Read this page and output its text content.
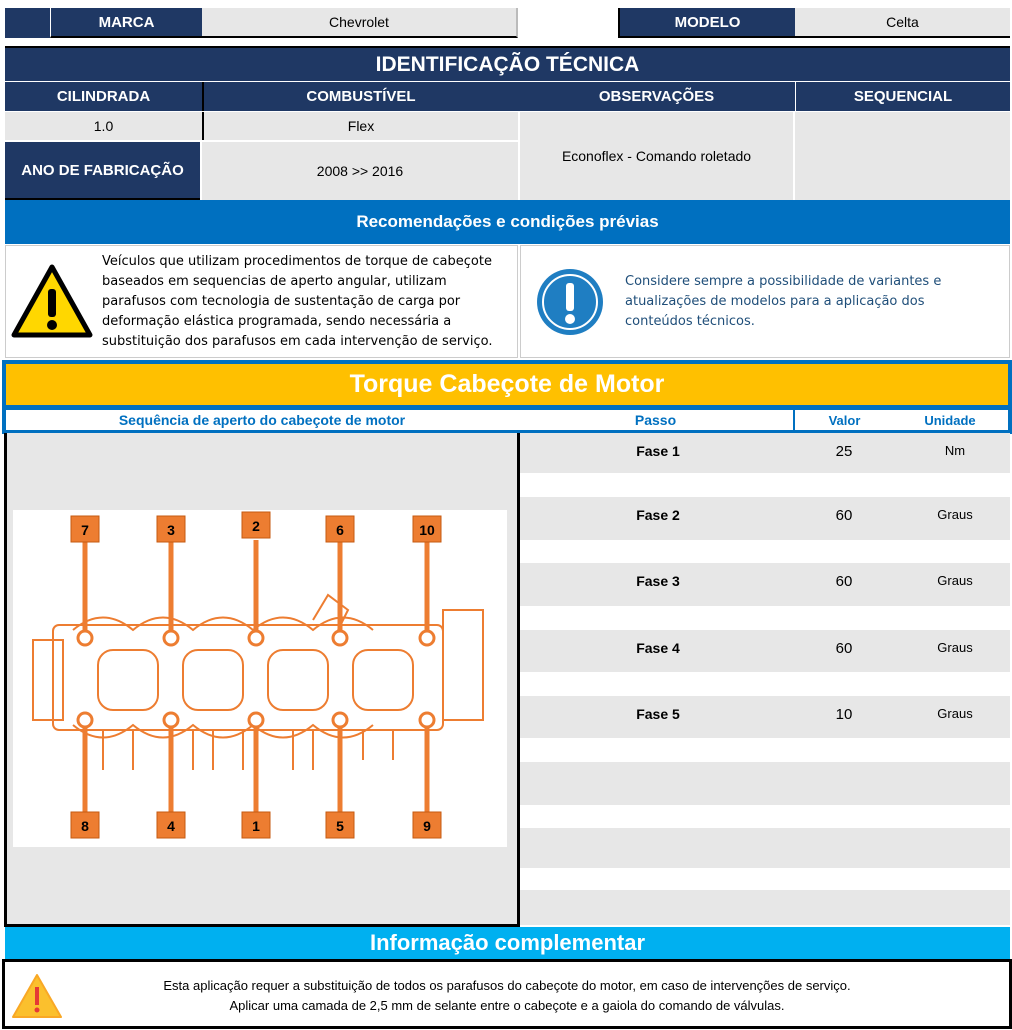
MARCA	Chevrolet	MODELO	Celta
IDENTIFICAÇÃO TÉCNICA
CILINDRADA	COMBUSTÍVEL	OBSERVAÇÕES	SEQUENCIAL
1.0	Flex
ANO DE FABRICAÇÃO	2008 >> 2016
Econoflex - Comando roletado
Recomendações e condições prévias
Veículos que utilizam procedimentos de torque de cabeçote baseados em sequencias de aperto angular, utilizam parafusos com tecnologia de sustentação de carga por deformação elástica programada, sendo necessária a substituição dos parafusos em cada intervenção de serviço.
Considere sempre a possibilidade de variantes e atualizações de modelos para a aplicação dos conteúdos técnicos.
Torque Cabeçote de Motor
Sequência de aperto do cabeçote de motor	Passo	Valor	Unidade
7
8
3
4
2
1
6
5
10
9
Fase 1	25	Nm
Fase 2	60	Graus
Fase 3	60	Graus
Fase 4	60	Graus
Fase 5	10	Graus
Informação complementar
Esta aplicação requer a substituição de todos os parafusos do cabeçote do motor, em caso de intervenções de serviço.
Aplicar uma camada de 2,5 mm de selante entre o cabeçote e a gaiola do comando de válvulas.
